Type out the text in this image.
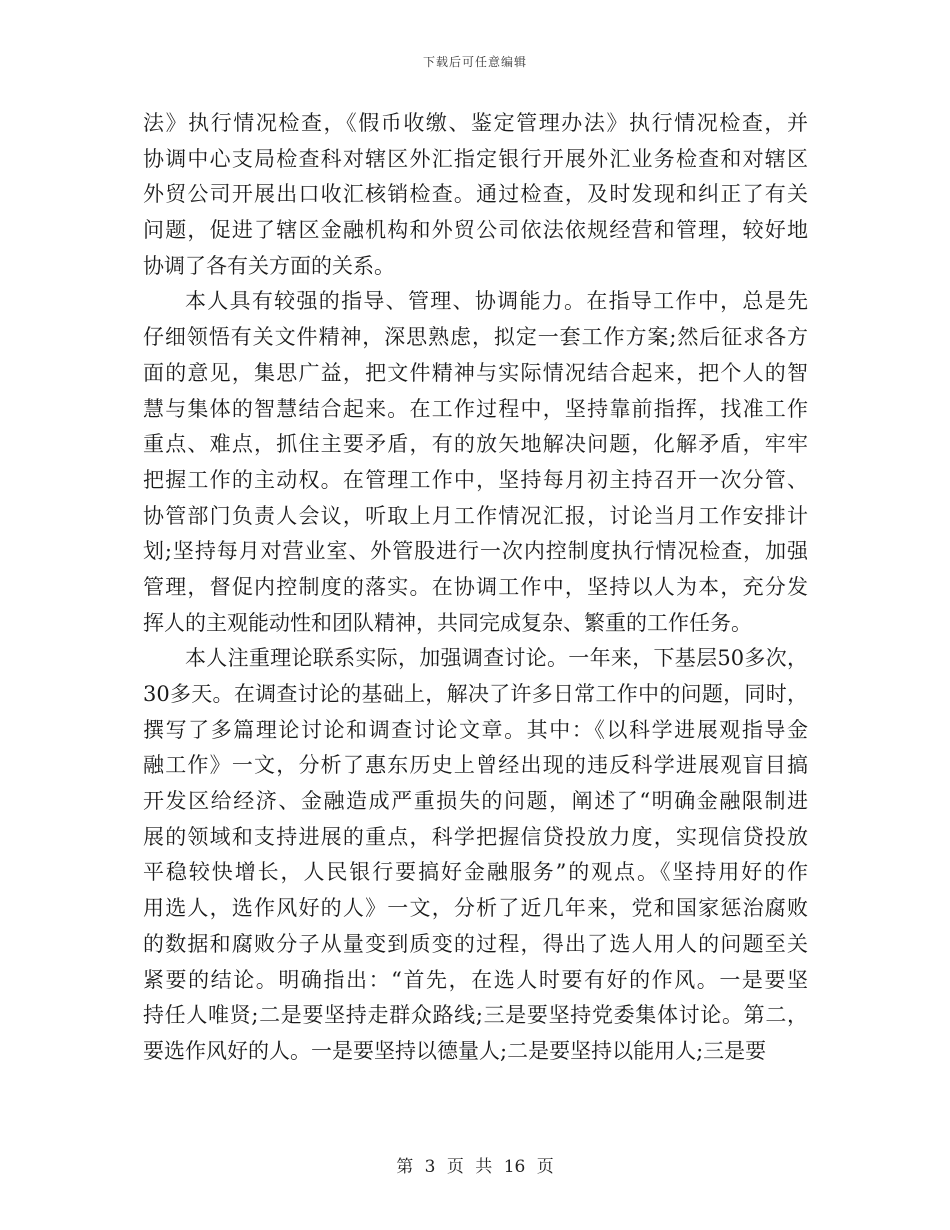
下载后可任意编辑
法》执行情况检查，《假币收缴、鉴定管理办法》执行情况检查，并
协调中心支局检查科对辖区外汇指定银行开展外汇业务检查和对辖区
外贸公司开展出口收汇核销检查。通过检查，及时发现和纠正了有关
问题，促进了辖区金融机构和外贸公司依法依规经营和管理，较好地
协调了各有关方面的关系。
本人具有较强的指导、管理、协调能力。在指导工作中，总是先
仔细领悟有关文件精神，深思熟虑，拟定一套工作方案;然后征求各方
面的意见，集思广益，把文件精神与实际情况结合起来，把个人的智
慧与集体的智慧结合起来。在工作过程中，坚持靠前指挥，找准工作
重点、难点，抓住主要矛盾，有的放矢地解决问题，化解矛盾，牢牢
把握工作的主动权。在管理工作中，坚持每月初主持召开一次分管、
协管部门负责人会议，听取上月工作情况汇报，讨论当月工作安排计
划;坚持每月对营业室、外管股进行一次内控制度执行情况检查，加强
管理，督促内控制度的落实。在协调工作中，坚持以人为本，充分发
挥人的主观能动性和团队精神，共同完成复杂、繁重的工作任务。
本人注重理论联系实际，加强调查讨论。一年来，下基层50多次，
30多天。在调查讨论的基础上，解决了许多日常工作中的问题，同时，
撰写了多篇理论讨论和调查讨论文章。其中：《以科学进展观指导金
融工作》一文，分析了惠东历史上曾经出现的违反科学进展观盲目搞
开发区给经济、金融造成严重损失的问题，阐述了“明确金融限制进
展的领域和支持进展的重点，科学把握信贷投放力度，实现信贷投放
平稳较快增长，人民银行要搞好金融服务”的观点。《坚持用好的作
用选人，选作风好的人》一文，分析了近几年来，党和国家惩治腐败
的数据和腐败分子从量变到质变的过程，得出了选人用人的问题至关
紧要的结论。明确指出：“首先，在选人时要有好的作风。一是要坚
持任人唯贤;二是要坚持走群众路线;三是要坚持党委集体讨论。第二，
要选作风好的人。一是要坚持以德量人;二是要坚持以能用人;三是要
第 3 页 共 16 页
